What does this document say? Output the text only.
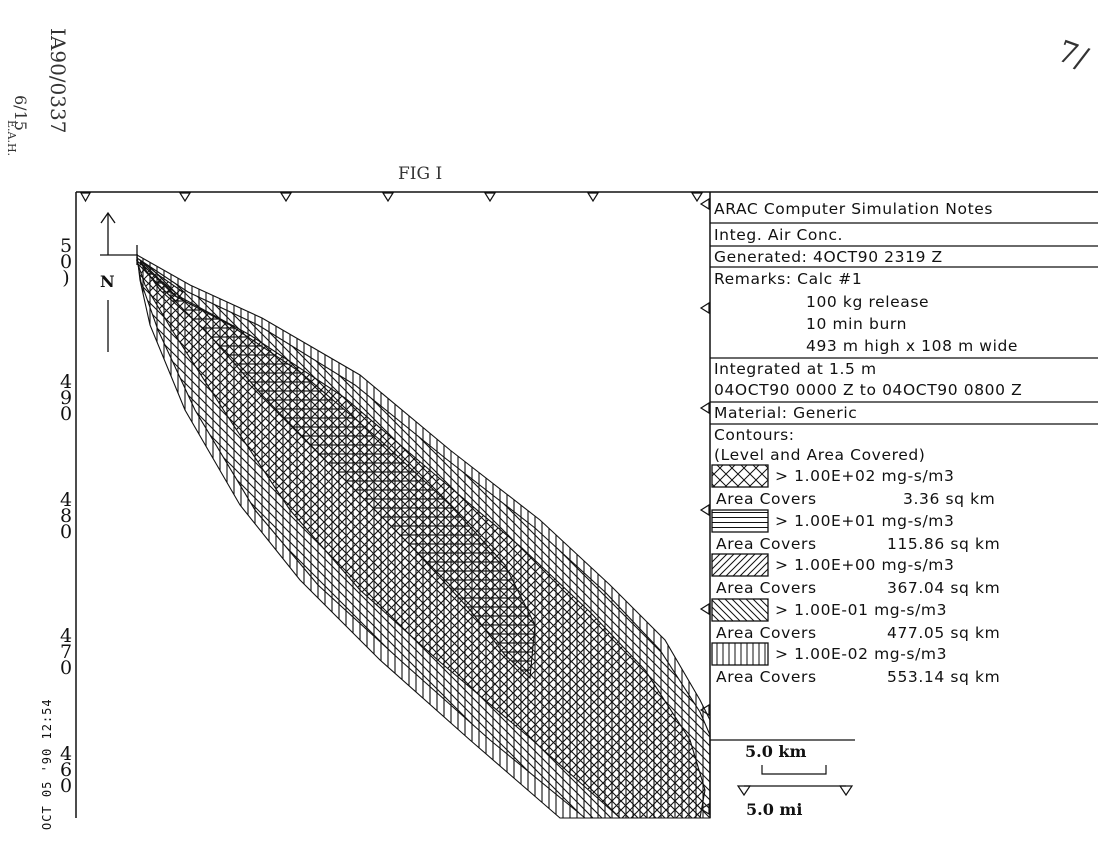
IA90/0337
6/15
E.A.H.
FIG I
7/
OCT 05 '90 12:54
5
0
)
4
9
0
4
8
0
4
7
0
4
6
0
N
ARAC Computer Simulation Notes
Integ. Air Conc.
Generated: 4OCT90 2319 Z
Remarks: Calc #1
100 kg release
10 min burn
493 m high x 108 m wide
Integrated at 1.5 m
04OCT90 0000 Z to 04OCT90 0800 Z
Material: Generic
Contours:
(Level and Area Covered)
> 1.00E+02 mg-s/m3
Area Covers	3.36 sq km
> 1.00E+01 mg-s/m3
Area Covers	115.86 sq km
> 1.00E+00 mg-s/m3
Area Covers	367.04 sq km
> 1.00E-01 mg-s/m3
Area Covers	477.05 sq km
> 1.00E-02 mg-s/m3
Area Covers	553.14 sq km
5.0 km
5.0 mi
